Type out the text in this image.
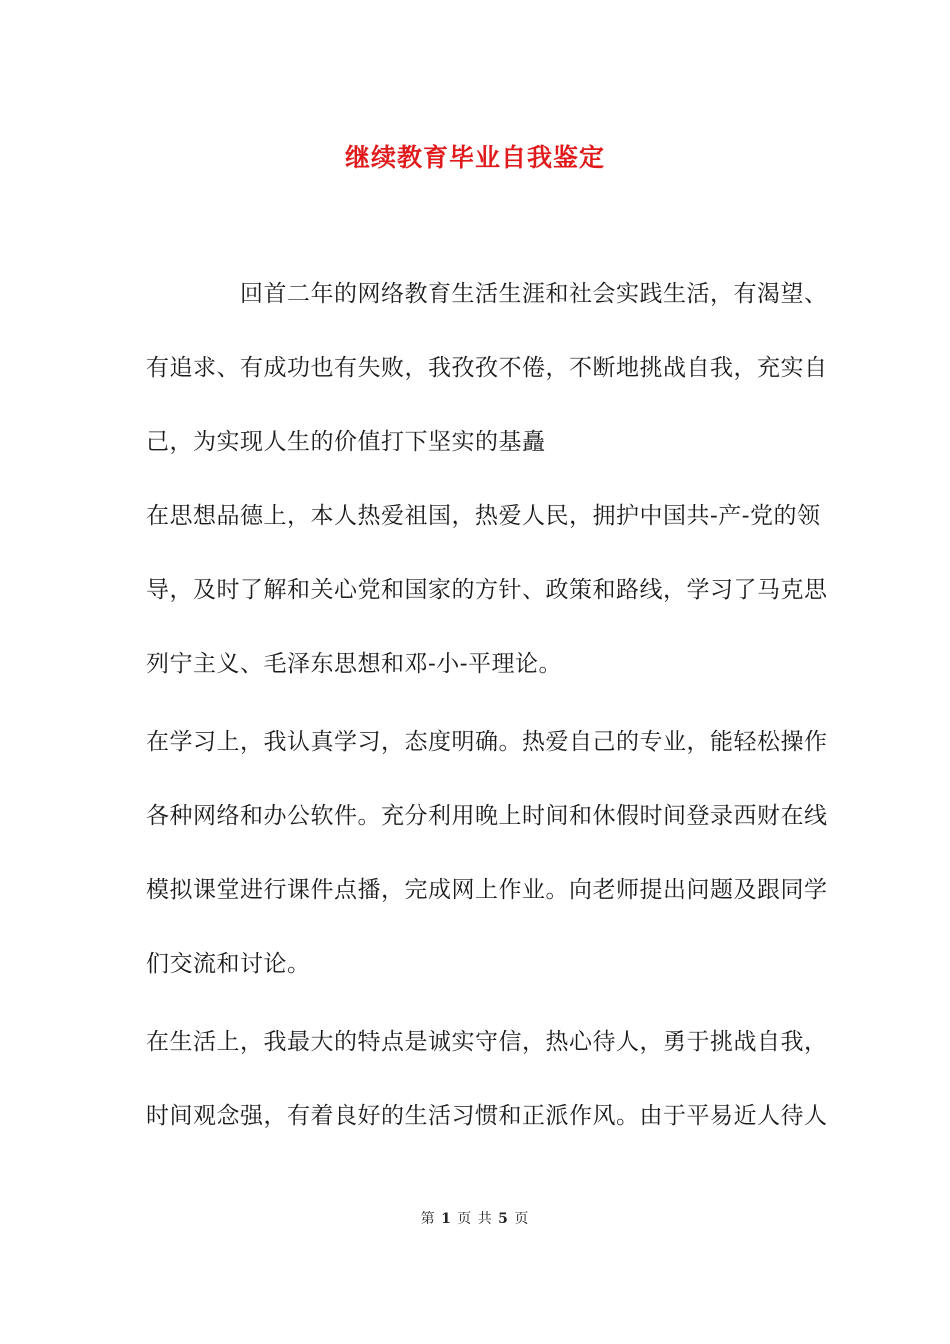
继续教育毕业自我鉴定
　　　　回首二年的网络教育生活生涯和社会实践生活，有渴望、
有追求、有成功也有失败，我孜孜不倦，不断地挑战自我，充实自
己，为实现人生的价值打下坚实的基矗
在思想品德上，本人热爱祖国，热爱人民，拥护中国共-产-党的领
导，及时了解和关心党和国家的方针、政策和路线，学习了马克思
列宁主义、毛泽东思想和邓-小-平理论。
在学习上，我认真学习，态度明确。热爱自己的专业，能轻松操作
各种网络和办公软件。充分利用晚上时间和休假时间登录西财在线
模拟课堂进行课件点播，完成网上作业。向老师提出问题及跟同学
们交流和讨论。
在生活上，我最大的特点是诚实守信，热心待人，勇于挑战自我，
时间观念强，有着良好的生活习惯和正派作风。由于平易近人待人
第 1 页 共 5 页
